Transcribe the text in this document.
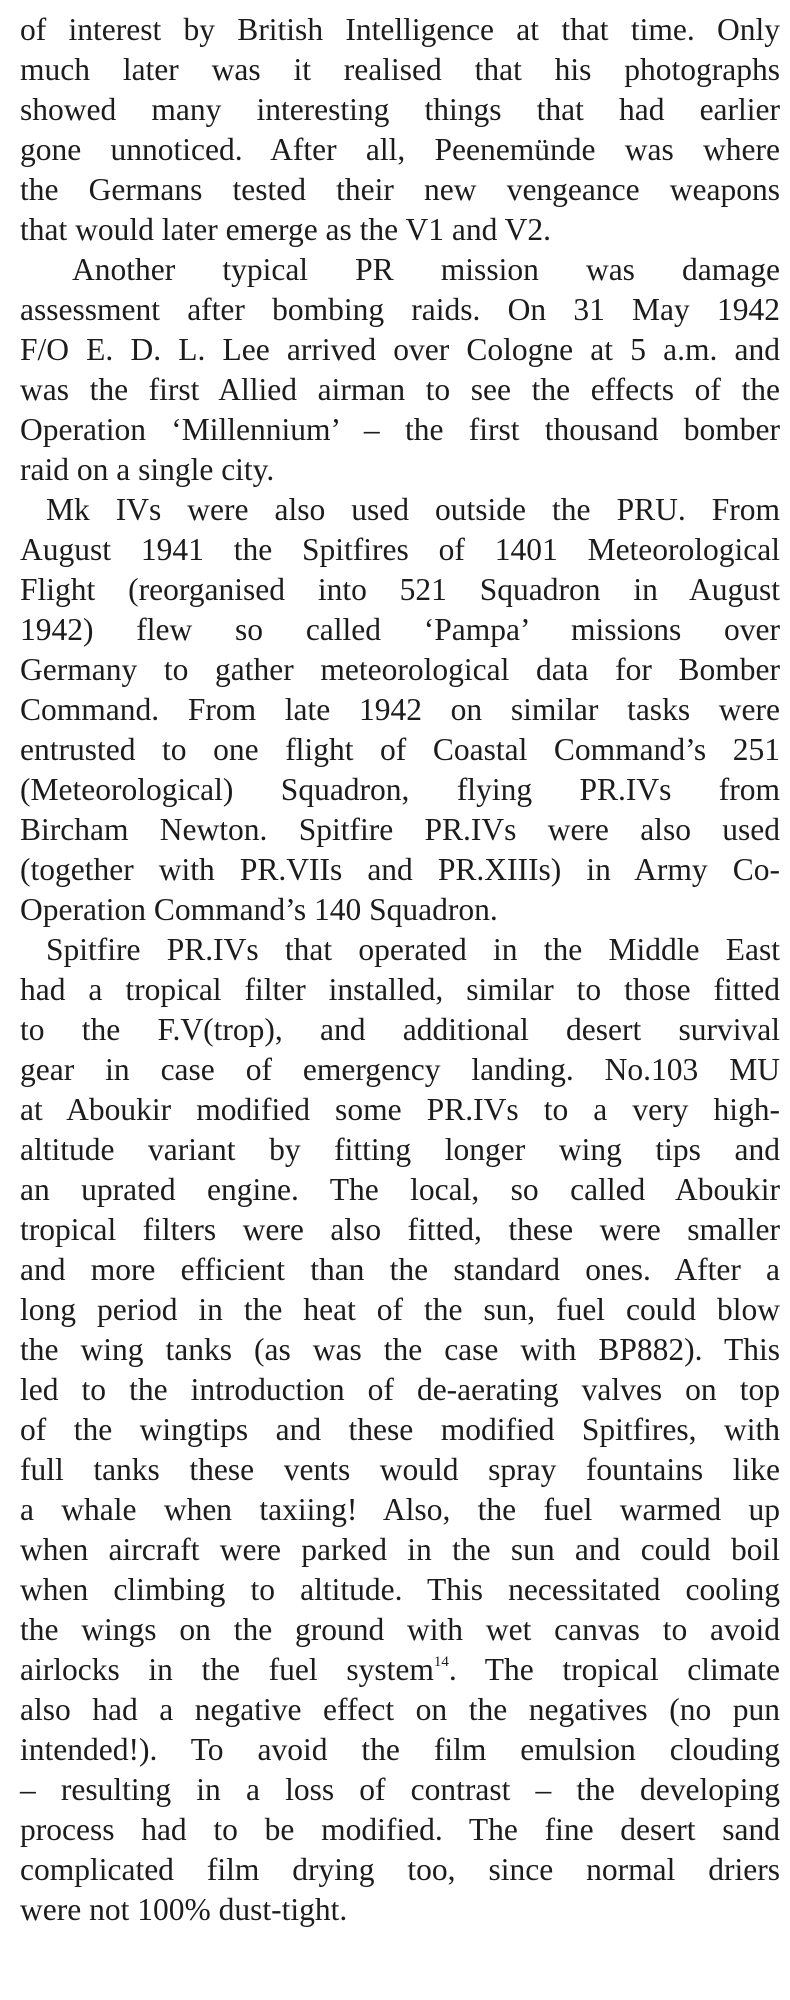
of interest by British Intelligence at that time. Only
much later was it realised that his photographs
showed many interesting things that had earlier
gone unnoticed. After all, Peenemünde was where
the Germans tested their new vengeance weapons
that would later emerge as the V1 and V2.
Another typical PR mission was damage
assessment after bombing raids. On 31 May 1942
F/O E. D. L. Lee arrived over Cologne at 5 a.m. and
was the first Allied airman to see the effects of the
Operation ‘Millennium’ – the first thousand bomber
raid on a single city.
Mk IVs were also used outside the PRU. From
August 1941 the Spitfires of 1401 Meteorological
Flight (reorganised into 521 Squadron in August
1942) flew so called ‘Pampa’ missions over
Germany to gather meteorological data for Bomber
Command. From late 1942 on similar tasks were
entrusted to one flight of Coastal Command’s 251
(Meteorological) Squadron, flying PR.IVs from
Bircham Newton. Spitfire PR.IVs were also used
(together with PR.VIIs and PR.XIIIs) in Army Co-
Operation Command’s 140 Squadron.
Spitfire PR.IVs that operated in the Middle East
had a tropical filter installed, similar to those fitted
to the F.V(trop), and additional desert survival
gear in case of emergency landing. No.103 MU
at Aboukir modified some PR.IVs to a very high-
altitude variant by fitting longer wing tips and
an uprated engine. The local, so called Aboukir
tropical filters were also fitted, these were smaller
and more efficient than the standard ones. After a
long period in the heat of the sun, fuel could blow
the wing tanks (as was the case with BP882). This
led to the introduction of de-aerating valves on top
of the wingtips and these modified Spitfires, with
full tanks these vents would spray fountains like
a whale when taxiing! Also, the fuel warmed up
when aircraft were parked in the sun and could boil
when climbing to altitude. This necessitated cooling
the wings on the ground with wet canvas to avoid
airlocks in the fuel system$^{14}$. The tropical climate
also had a negative effect on the negatives (no pun
intended!). To avoid the film emulsion clouding
– resulting in a loss of contrast – the developing
process had to be modified. The fine desert sand
complicated film drying too, since normal driers
were not 100% dust-tight.
